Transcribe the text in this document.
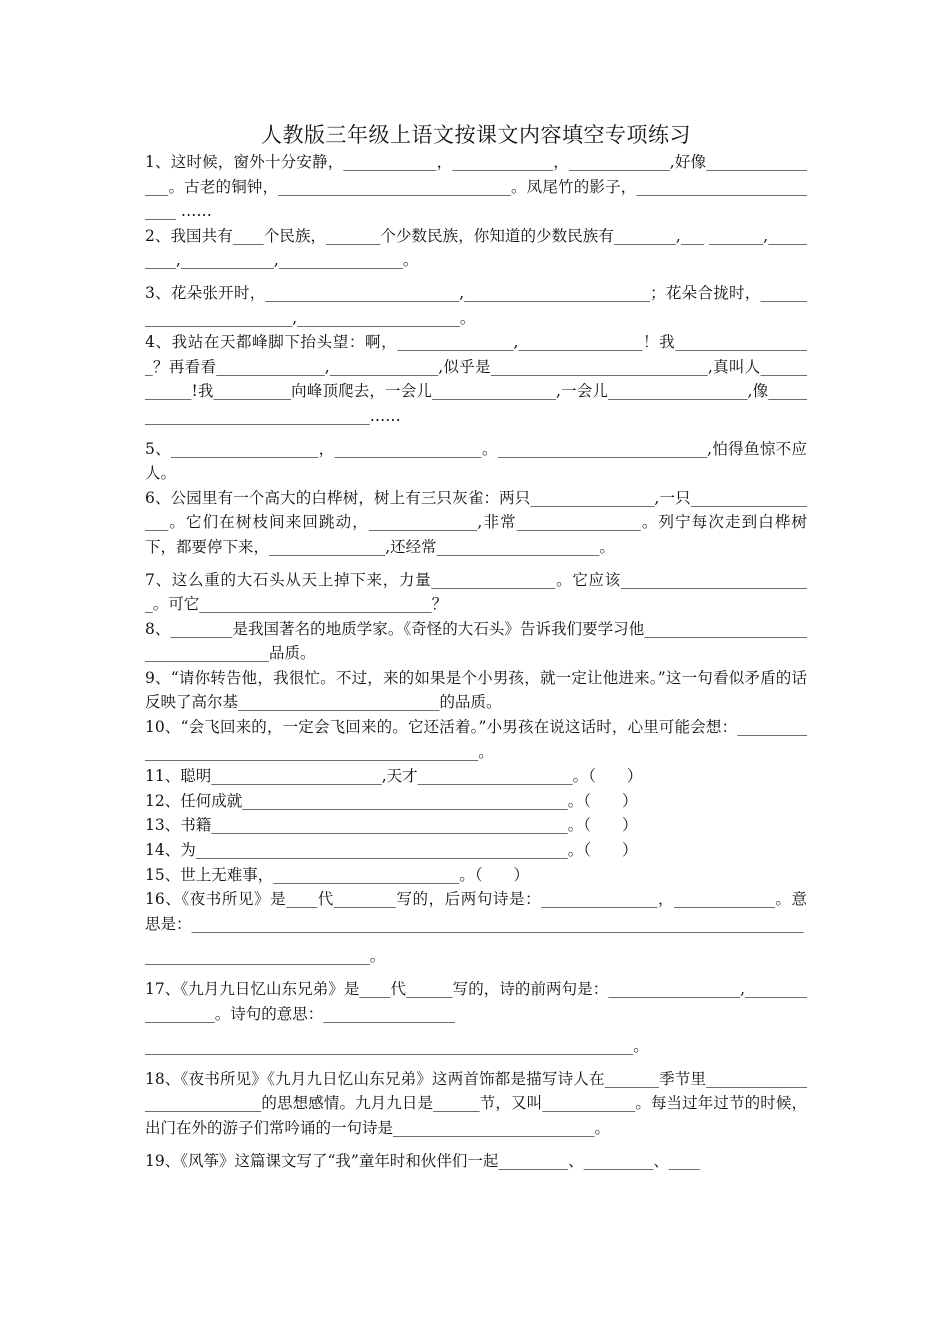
人教版三年级上语文按课文内容填空专项练习

1、这时候，窗外十分安静，____________，_____________，_____________,好像________________。古老的铜钟，______________________________。凤尾竹的影子，__________________________ ……

2、我国共有____个民族，_______个少数民族，你知道的少数民族有________,___ _______,_________,____________,________________。

3、花朵张开时，_________________________,________________________；花朵合拢时，_________________________,_____________________。

4、我站在天都峰脚下抬头望：啊，_______________,________________！我__________________？再看看______________,______________,似乎是____________________________,真叫人____________!我__________向峰顶爬去，一会儿________________,一会儿__________________,像__________________________________……

5、___________________，___________________。___________________________,怕得鱼惊不应人。

6、公园里有一个高大的白桦树，树上有三只灰雀：两只________________,一只__________________。它们在树枝间来回跳动，______________,非常________________。列宁每次走到白桦树下，都要停下来，_______________,还经常_____________________。

7、这么重的大石头从天上掉下来，力量________________。它应该_________________________。可它______________________________？

8、________是我国著名的地质学家。《奇怪的大石头》告诉我们要学习他_____________________________________品质。

9、“请你转告他，我很忙。不过，来的如果是个小男孩，就一定让他进来。”这一句看似矛盾的话反映了高尔基__________________________的品质。

10、“会飞回来的，一定会飞回来的。它还活着。”小男孩在说这话时，心里可能会想：____________________________________________________。

11、聪明______________________,天才____________________。（　　）

12、任何成就__________________________________________。（　　）

13、书籍______________________________________________。（　　）

14、为________________________________________________。（　　）

15、世上无难事，________________________。（　　）

16、《夜书所见》是____代________写的，后两句诗是：_______________，_____________。意思是：_______________________________________________________________________________

_____________________________。

17、《九月九日忆山东兄弟》是____代______写的，诗的前两句是：_________________,_________________。诗句的意思：_________________

_______________________________________________________________。

18、《夜书所见》《九月九日忆山东兄弟》这两首饰都是描写诗人在_______季节里____________________________的思想感情。九月九日是______节，又叫____________。每当过年过节的时候，出门在外的游子们常吟诵的一句诗是__________________________。

19、《风筝》这篇课文写了“我”童年时和伙伴们一起_________、_________、____
